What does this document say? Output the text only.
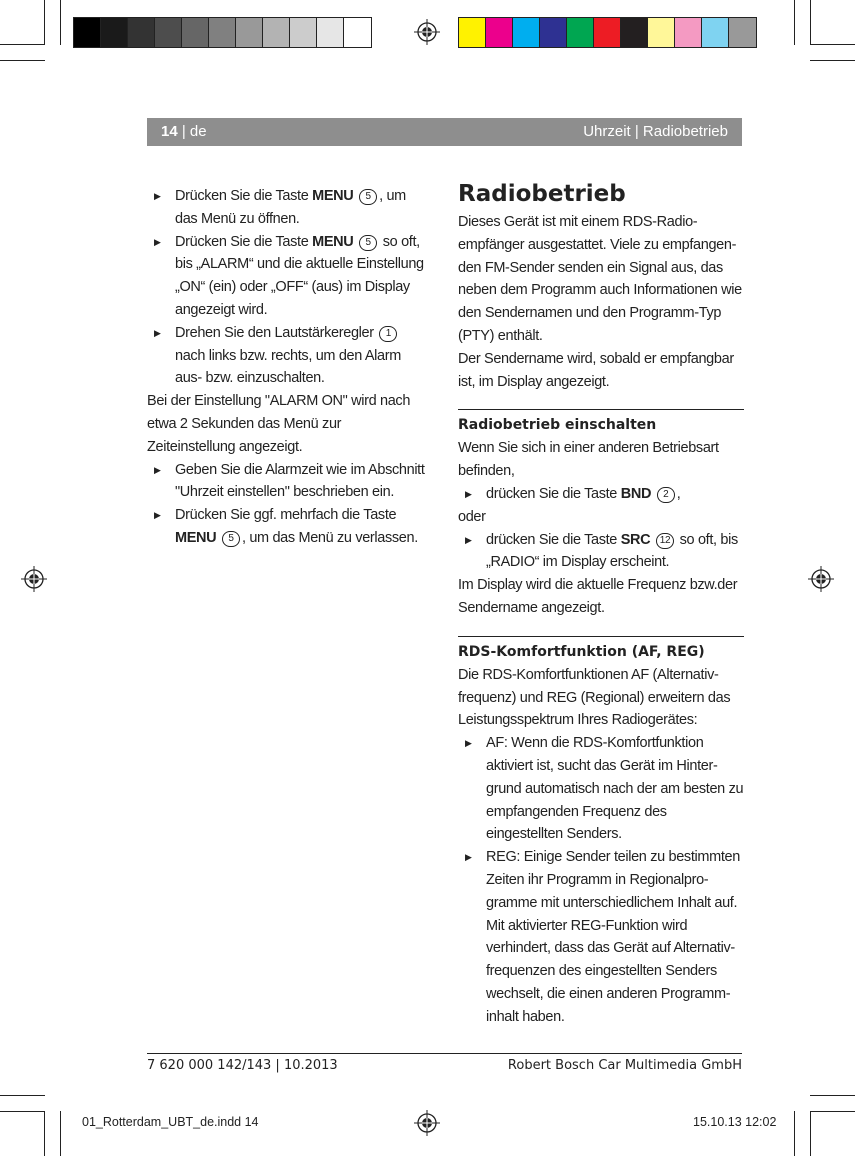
14 | de	Uhrzeit | Radiobetrieb

▶ Drücken Sie die Taste MENU 5 , um das Menü zu öffnen.

▶ Drücken Sie die Taste MENU 5 so oft, bis „ALARM“ und die aktuelle Einstellung „ON“ (ein) oder „OFF“ (aus) im Display angezeigt wird.

▶ Drehen Sie den Lautstärkeregler 1 nach links bzw. rechts, um den Alarm aus- bzw. einzuschalten.

Bei der Einstellung "ALARM ON" wird nach etwa 2 Sekunden das Menü zur Zeiteinstellung angezeigt.

▶ Geben Sie die Alarmzeit wie im Abschnitt "Uhrzeit einstellen" beschrieben ein.

▶ Drücken Sie ggf. mehrfach die Taste MENU 5 , um das Menü zu verlassen.

Radiobetrieb

Dieses Gerät ist mit einem RDS-Radioempfänger ausgestattet. Viele zu empfangenden FM-Sender senden ein Signal aus, das neben dem Programm auch Informationen wie den Sendernamen und den Programm-Typ (PTY) enthält.

Der Sendername wird, sobald er empfangbar ist, im Display angezeigt.

Radiobetrieb einschalten

Wenn Sie sich in einer anderen Betriebsart befinden,

▶ drücken Sie die Taste BND 2 ,

oder

▶ drücken Sie die Taste SRC 12 so oft, bis „RADIO“ im Display erscheint.

Im Display wird die aktuelle Frequenz bzw.der Sendername angezeigt.

RDS-Komfortfunktion (AF, REG)

Die RDS-Komfortfunktionen AF (Alternativfrequenz) und REG (Regional) erweitern das Leistungsspektrum Ihres Radiogerätes:

▶ AF: Wenn die RDS-Komfortfunktion aktiviert ist, sucht das Gerät im Hintergrund automatisch nach der am besten zu empfangenden Frequenz des eingestellten Senders.

▶ REG: Einige Sender teilen zu bestimmten Zeiten ihr Programm in Regionalprogramme mit unterschiedlichem Inhalt auf. Mit aktivierter REG-Funktion wird verhindert, dass das Gerät auf Alternativfrequenzen des eingestellten Senders wechselt, die einen anderen Programminhalt haben.

7 620 000 142/143 | 10.2013	Robert Bosch Car Multimedia GmbH
01_Rotterdam_UBT_de.indd 14	15.10.13 12:02
